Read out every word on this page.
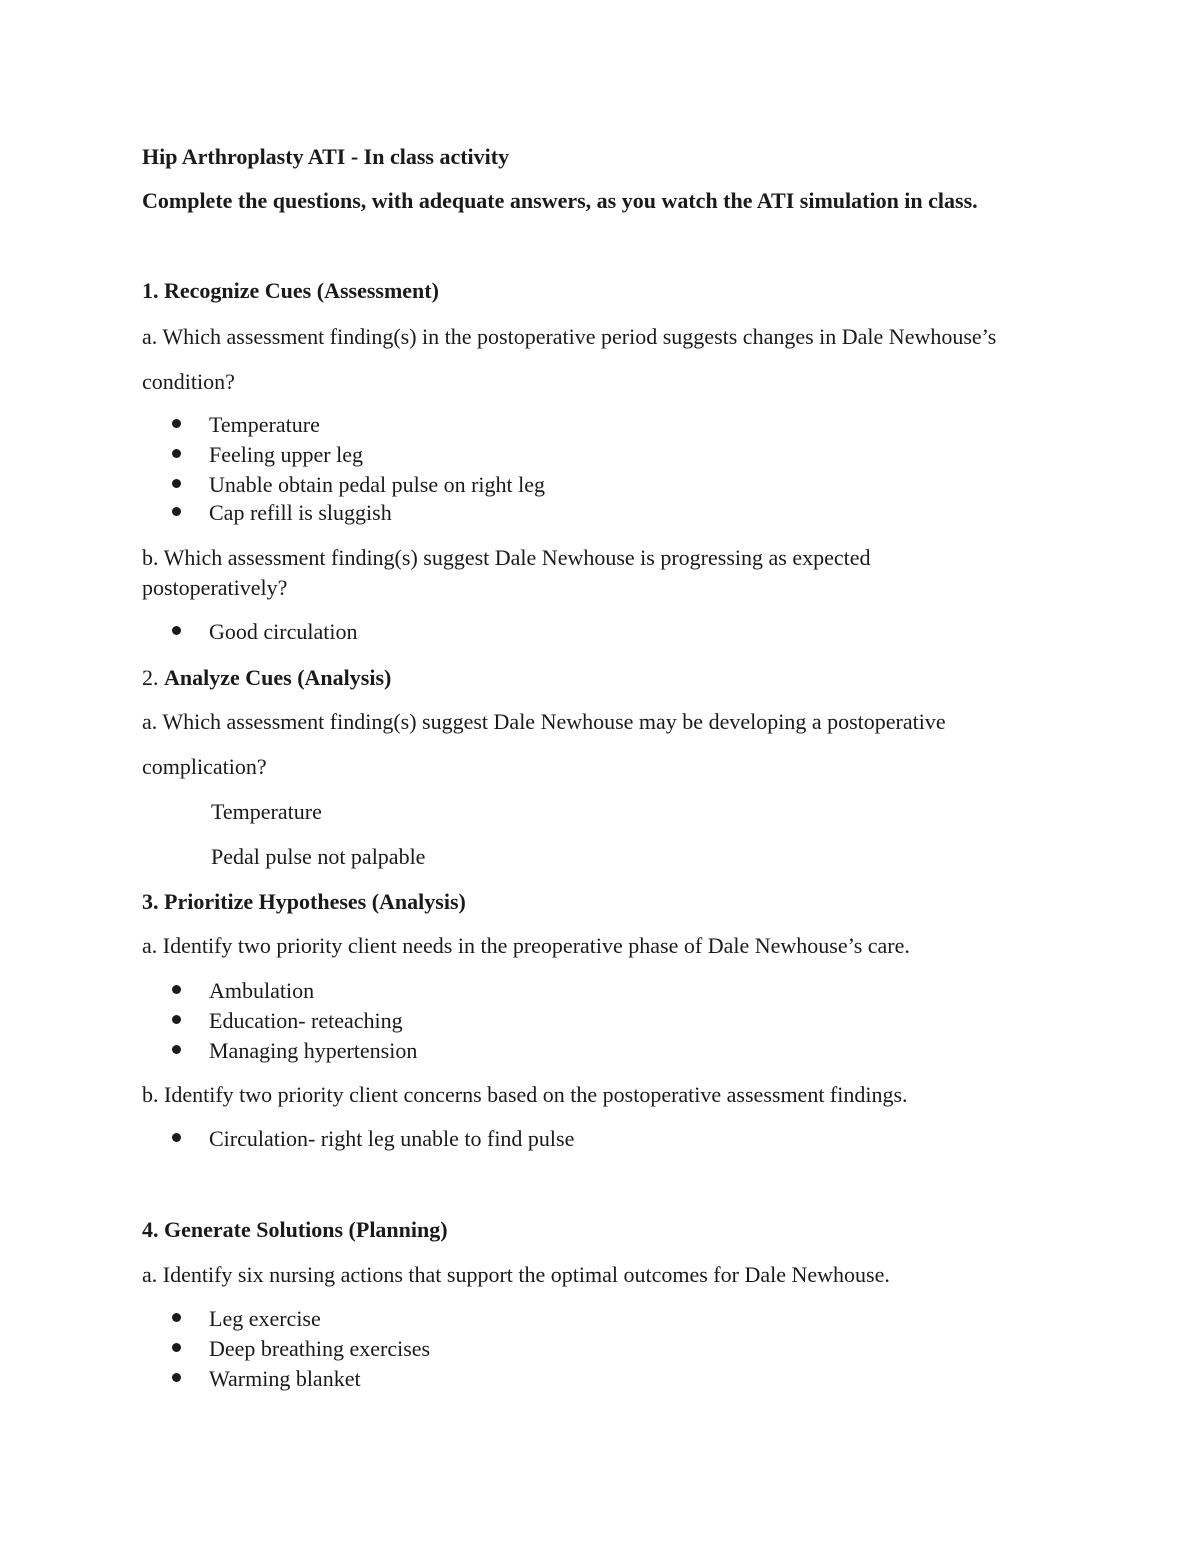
Hip Arthroplasty ATI - In class activity
Complete the questions, with adequate answers, as you watch the ATI simulation in class.
1. Recognize Cues (Assessment)
a. Which assessment finding(s) in the postoperative period suggests changes in Dale Newhouse’s
condition?
Temperature
Feeling upper leg
Unable obtain pedal pulse on right leg
Cap refill is sluggish
b. Which assessment finding(s) suggest Dale Newhouse is progressing as expected
postoperatively?
Good circulation
2. Analyze Cues (Analysis)
a. Which assessment finding(s) suggest Dale Newhouse may be developing a postoperative
complication?
Temperature
Pedal pulse not palpable
3. Prioritize Hypotheses (Analysis)
a. Identify two priority client needs in the preoperative phase of Dale Newhouse’s care.
Ambulation
Education- reteaching
Managing hypertension
b. Identify two priority client concerns based on the postoperative assessment findings.
Circulation- right leg unable to find pulse
4. Generate Solutions (Planning)
a. Identify six nursing actions that support the optimal outcomes for Dale Newhouse.
Leg exercise
Deep breathing exercises
Warming blanket
